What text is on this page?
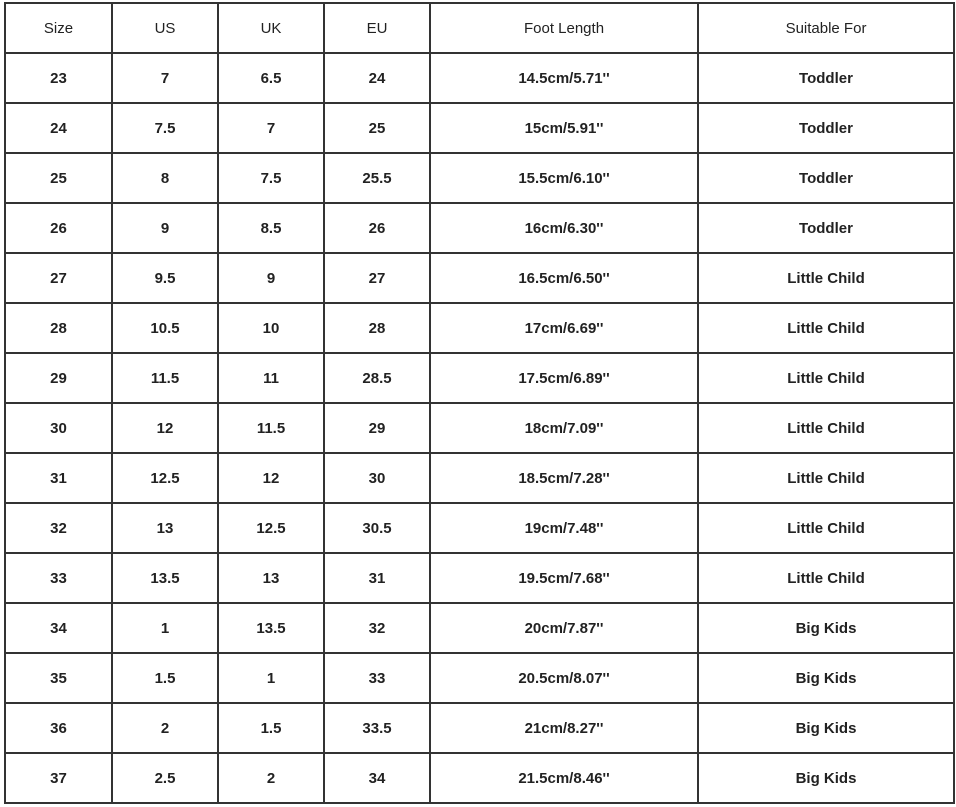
Size	US	UK	EU	Foot Length	Suitable For
23	7	6.5	24	14.5cm/5.71''	Toddler
24	7.5	7	25	15cm/5.91''	Toddler
25	8	7.5	25.5	15.5cm/6.10''	Toddler
26	9	8.5	26	16cm/6.30''	Toddler
27	9.5	9	27	16.5cm/6.50''	Little Child
28	10.5	10	28	17cm/6.69''	Little Child
29	11.5	11	28.5	17.5cm/6.89''	Little Child
30	12	11.5	29	18cm/7.09''	Little Child
31	12.5	12	30	18.5cm/7.28''	Little Child
32	13	12.5	30.5	19cm/7.48''	Little Child
33	13.5	13	31	19.5cm/7.68''	Little Child
34	1	13.5	32	20cm/7.87''	Big Kids
35	1.5	1	33	20.5cm/8.07''	Big Kids
36	2	1.5	33.5	21cm/8.27''	Big Kids
37	2.5	2	34	21.5cm/8.46''	Big Kids
